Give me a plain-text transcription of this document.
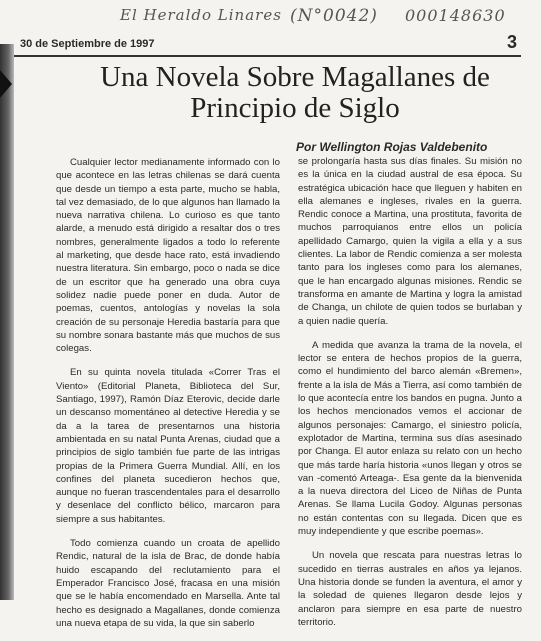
El Heraldo Linares (N°0042) 000148630
30 de Septiembre de 1997	3
Una Novela Sobre Magallanes de Principio de Siglo
Por Wellington Rojas Valdebenito

Cualquier lector medianamente informado con lo que acontece en las letras chilenas se dará cuenta que desde un tiempo a esta parte, mucho se habla, tal vez demasiado, de lo que algunos han llamado la nueva narrativa chilena. Lo curioso es que tanto alarde, a menudo está dirigido a resaltar dos o tres nombres, generalmente ligados a todo lo referente al marketing, que desde hace rato, está invadiendo nuestra literatura. Sin embargo, poco o nada se dice de un escritor que ha generado una obra cuya solidez nadie puede poner en duda. Autor de poemas, cuentos, antologías y novelas la sola creación de su personaje Heredia bastaría para que su nombre sonara bastante más que muchos de sus colegas.

En su quinta novela titulada «Correr Tras el Viento» (Editorial Planeta, Biblioteca del Sur, Santiago, 1997), Ramón Díaz Eterovic, decide darle un descanso momentáneo al detective Heredia y se da a la tarea de presentarnos una historia ambientada en su natal Punta Arenas, ciudad que a principios de siglo también fue parte de las intrigas propias de la Primera Guerra Mundial. Allí, en los confines del planeta sucedieron hechos que, aunque no fueran trascendentales para el desarrollo y desenlace del conflicto bélico, marcaron para siempre a sus habitantes.

Todo comienza cuando un croata de apellido Rendic, natural de la isla de Brac, de donde había huido escapando del reclutamiento para el Emperador Francisco José, fracasa en una misión que se le había encomendado en Marsella. Ante tal hecho es designado a Magallanes, donde comienza una nueva etapa de su vida, la que sin saberlo

se prolongaría hasta sus días finales. Su misión no es la única en la ciudad austral de esa época. Su estratégica ubicación hace que lleguen y habiten en ella alemanes e ingleses, rivales en la guerra. Rendic conoce a Martina, una prostituta, favorita de muchos parroquianos entre ellos un policía apellidado Camargo, quien la vigila a ella y a sus clientes. La labor de Rendic comienza a ser molesta tanto para los ingleses como para los alemanes, que le han encargado algunas misiones. Rendic se transforma en amante de Martina y logra la amistad de Changa, un chilote de quien todos se burlaban y a quien nadie quería.

A medida que avanza la trama de la novela, el lector se entera de hechos propios de la guerra, como el hundimiento del barco alemán «Bremen», frente a la isla de Más a Tierra, así como también de lo que acontecía entre los bandos en pugna. Junto a los hechos mencionados vemos el accionar de algunos personajes: Camargo, el siniestro policía, explotador de Martina, termina sus días asesinado por Changa. El autor enlaza su relato con un hecho que más tarde haría historia «unos llegan y otros se van -comentó Arteaga-. Esa gente da la bienvenida a la nueva directora del Liceo de Niñas de Punta Arenas. Se llama Lucila Godoy. Algunas personas no están contentas con su llegada. Dicen que es muy independiente y que escribe poemas».

Un novela que rescata para nuestras letras lo sucedido en tierras australes en años ya lejanos. Una historia donde se funden la aventura, el amor y la soledad de quienes llegaron desde lejos y anclaron para siempre en esa parte de nuestro territorio.
